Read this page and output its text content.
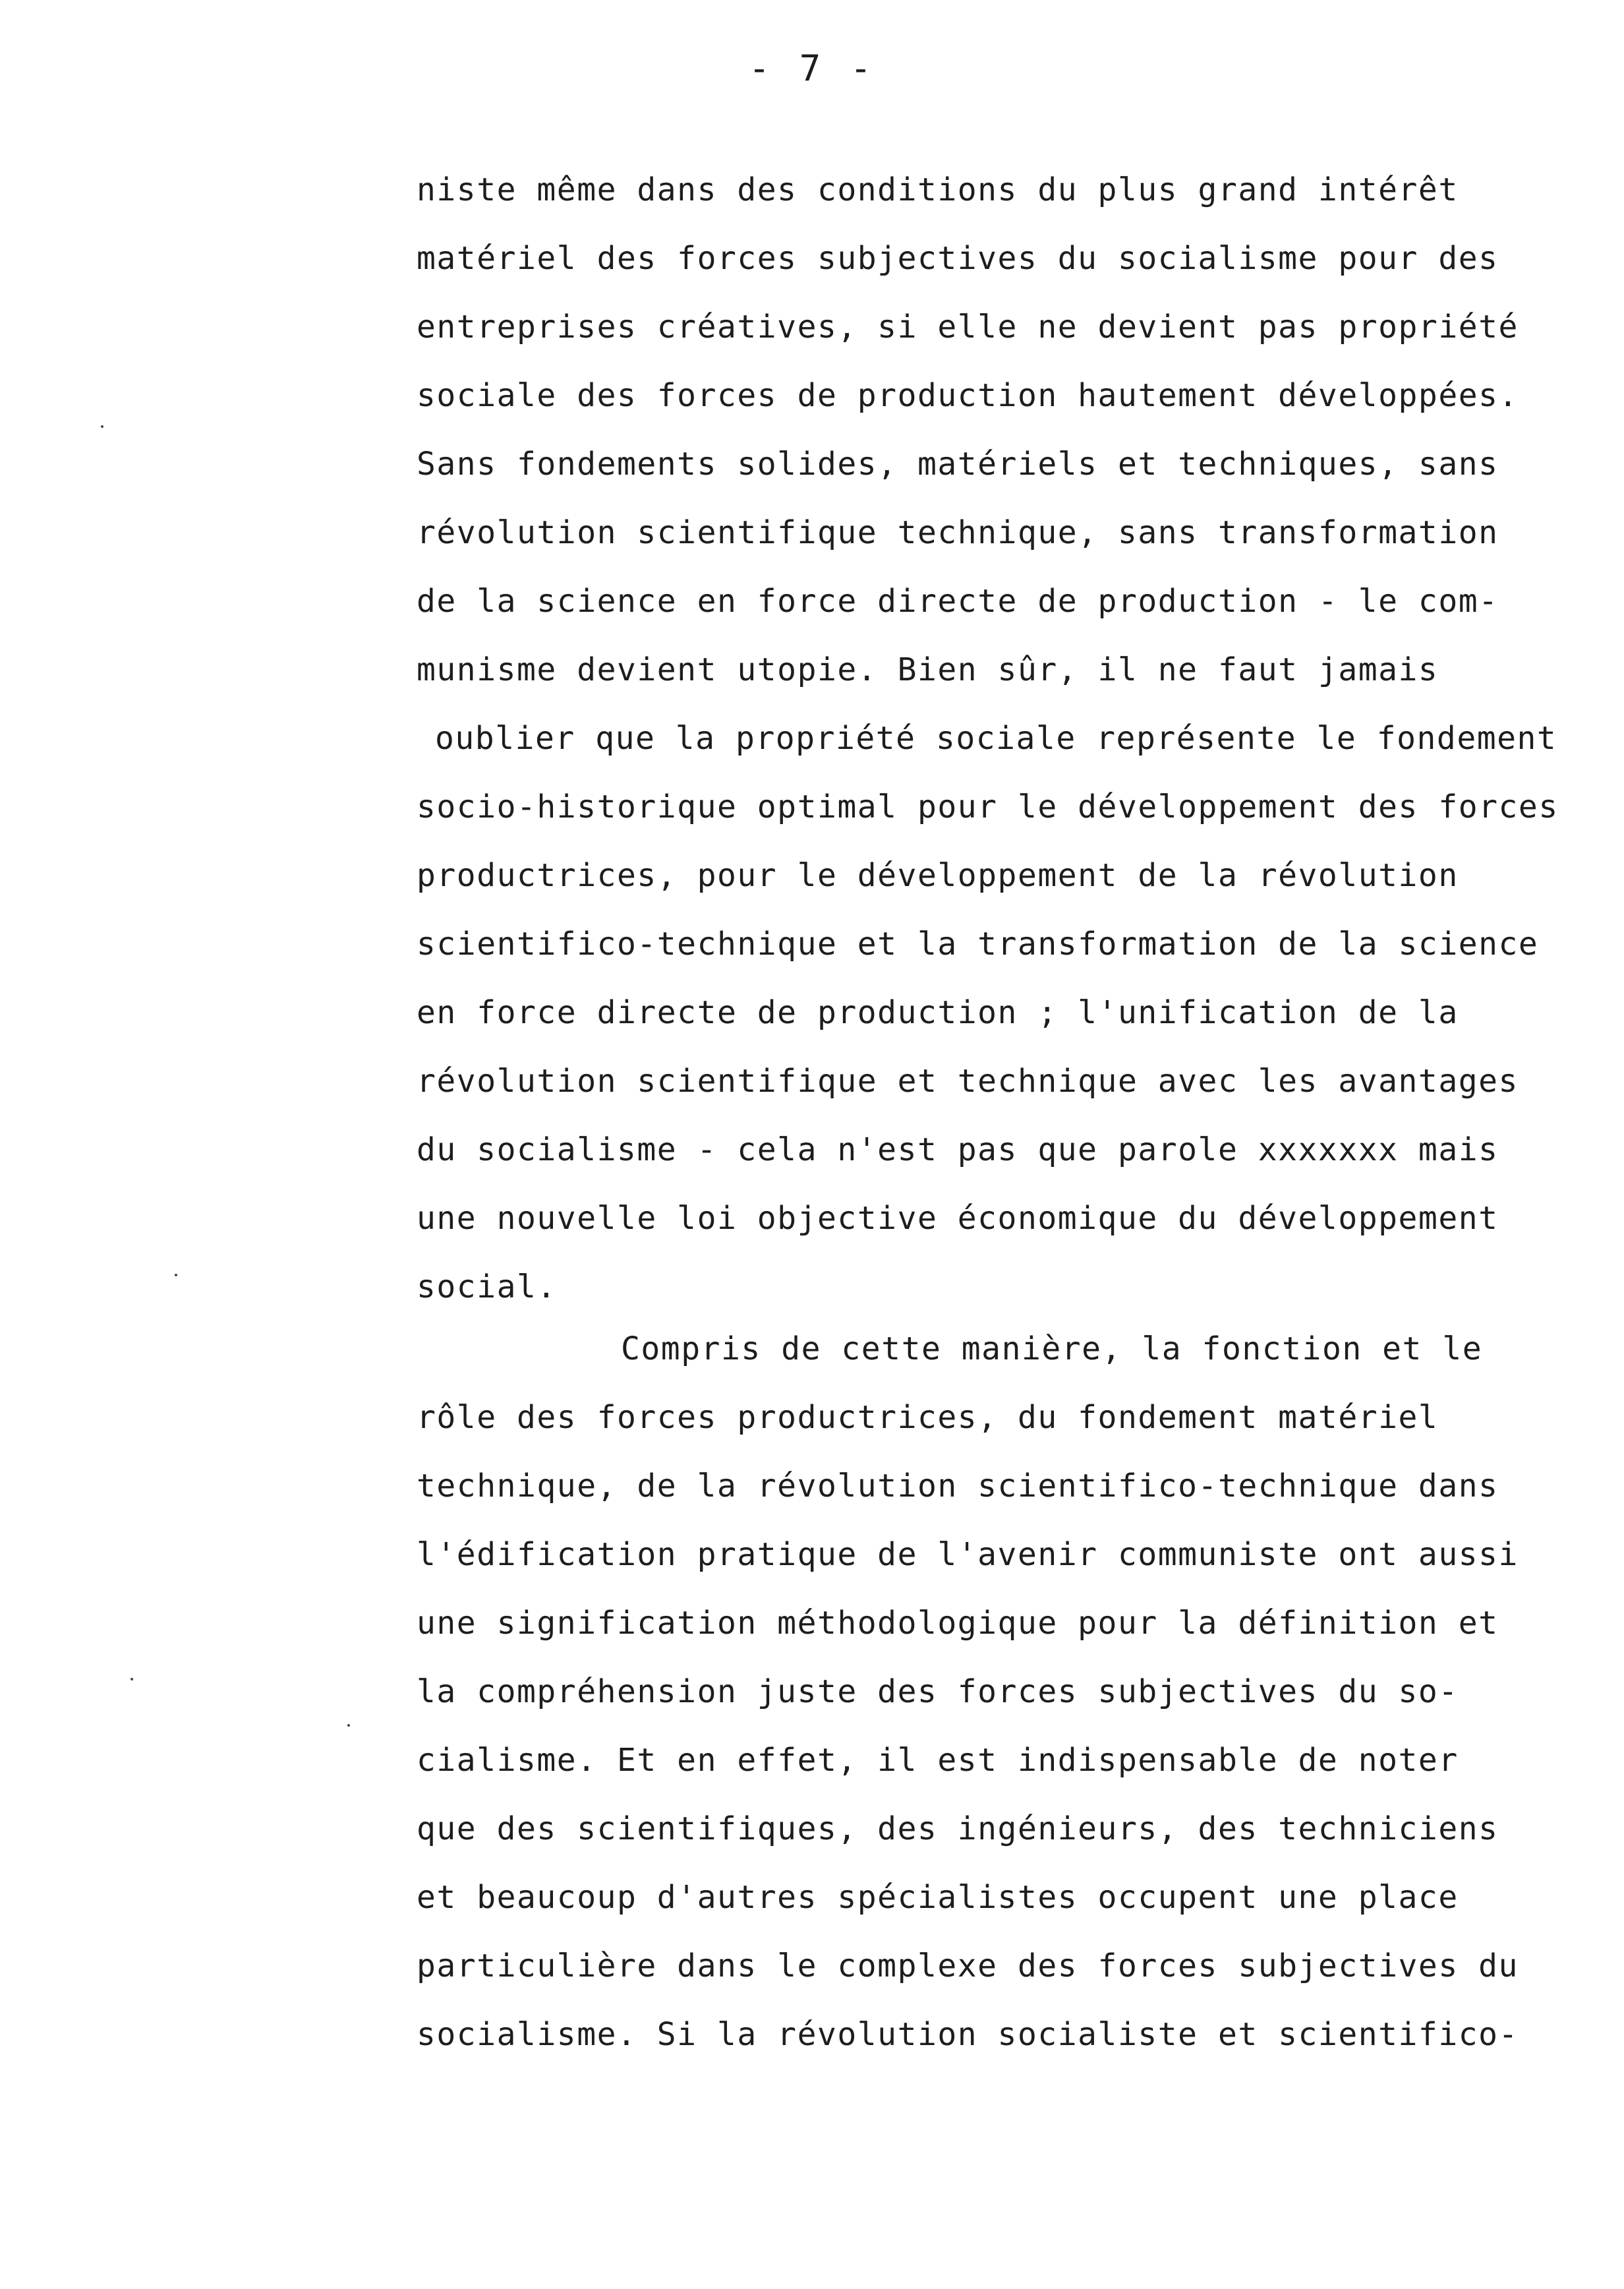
- 7 -
niste même dans des conditions du plus grand intérêt
matériel des forces subjectives du socialisme pour des
entreprises créatives, si elle ne devient pas propriété
sociale des forces de production hautement développées.
Sans fondements solides, matériels et techniques, sans
révolution scientifique technique, sans transformation
de la science en force directe de production - le com-
munisme devient utopie. Bien sûr, il ne faut jamais
oublier que la propriété sociale représente le fondement
socio-historique optimal pour le développement des forces
productrices, pour le développement de la révolution
scientifico-technique et la transformation de la science
en force directe de production ; l'unification de la
révolution scientifique et technique avec les avantages
du socialisme - cela n'est pas que parole xxxxxxx mais
une nouvelle loi objective économique du développement
social.
Compris de cette manière, la fonction et le
rôle des forces productrices, du fondement matériel
technique, de la révolution scientifico-technique dans
l'édification pratique de l'avenir communiste ont aussi
une signification méthodologique pour la définition et
la compréhension juste des forces subjectives du so-
cialisme. Et en effet, il est indispensable de noter
que des scientifiques, des ingénieurs, des techniciens
et beaucoup d'autres spécialistes occupent une place
particulière dans le complexe des forces subjectives du
socialisme. Si la révolution socialiste et scientifico-
